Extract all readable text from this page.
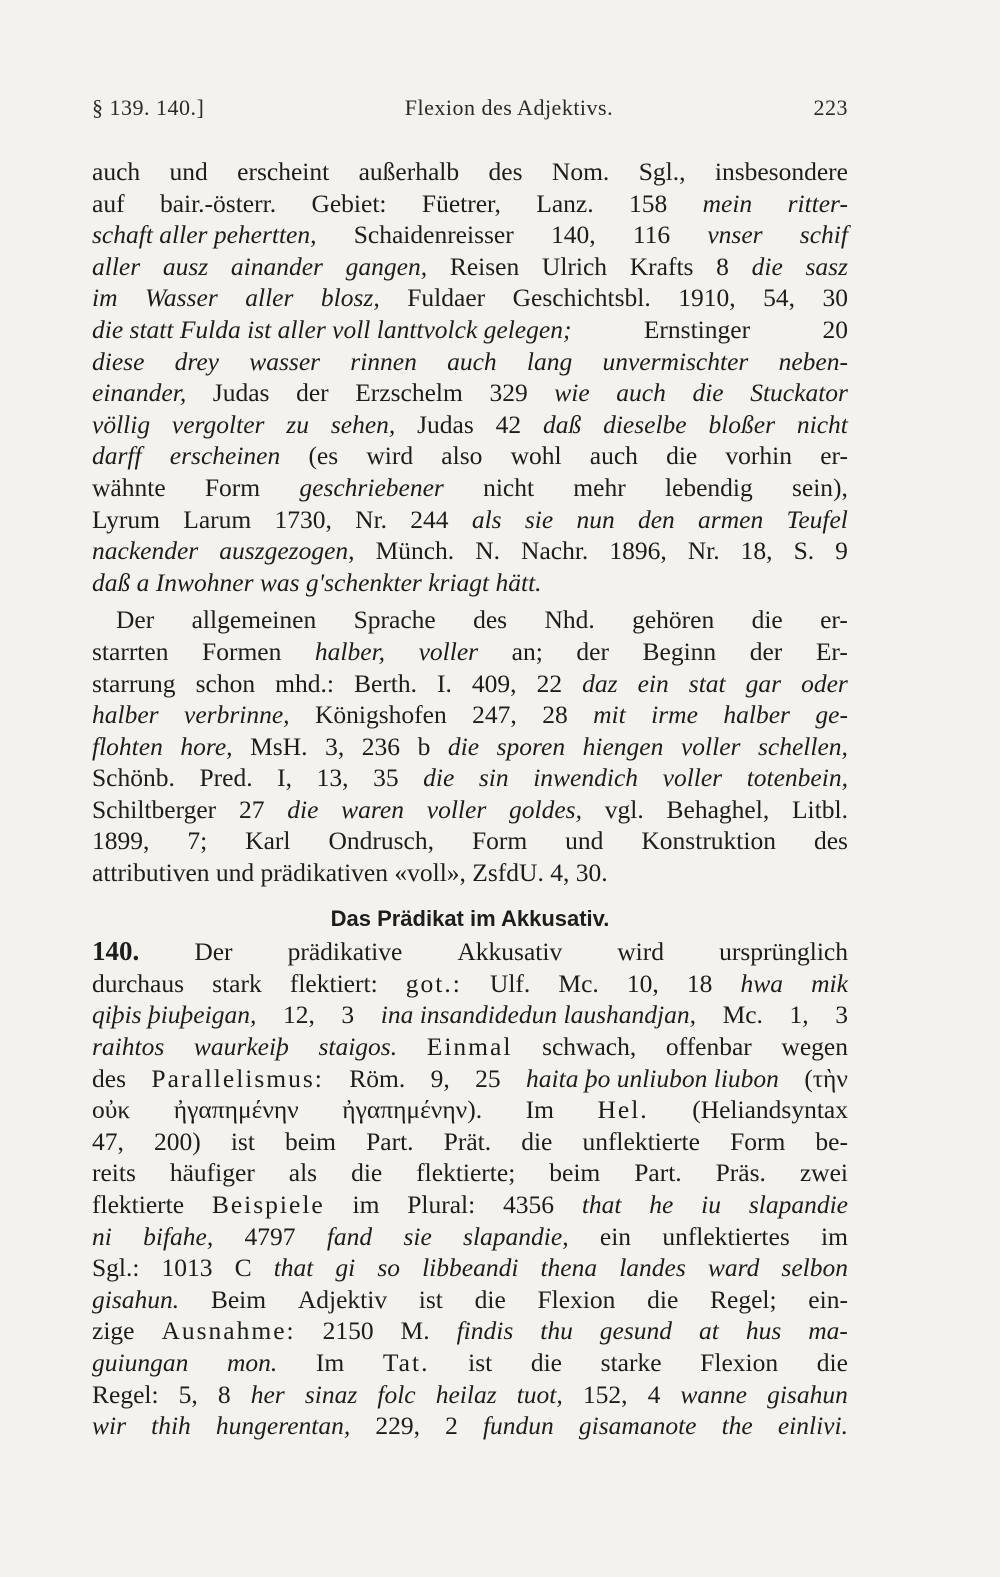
§ 139. 140.]	Flexion des Adjektivs.	223
auch und erscheint außerhalb des Nom. Sgl., insbesondere
auf bair.-österr. Gebiet: Füetrer, Lanz. 158 mein ritter-
schaft aller pehertten, Schaidenreisser 140, 116 vnser schif
aller ausz ainander gangen, Reisen Ulrich Krafts 8 die sasz
im Wasser aller blosz, Fuldaer Geschichtsbl. 1910, 54, 30
die statt Fulda ist aller voll lanttvolck gelegen;	Ernstinger	20
diese drey wasser rinnen auch lang unvermischter neben-
einander, Judas der Erzschelm 329 wie auch die Stuckator
völlig vergolter zu sehen, Judas 42 daß dieselbe bloßer nicht
darff erscheinen (es wird also wohl auch die vorhin er-
wähnte Form geschriebener nicht mehr lebendig sein),
Lyrum Larum 1730, Nr. 244 als sie nun den armen Teufel
nackender auszgezogen, Münch. N. Nachr. 1896, Nr. 18, S. 9
daß a Inwohner was g'schenkter kriagt hätt.
Der allgemeinen Sprache des Nhd. gehören die er-
starrten Formen halber, voller an; der Beginn der Er-
starrung schon mhd.: Berth. I. 409, 22 daz ein stat gar oder
halber verbrinne, Königshofen 247, 28 mit irme halber ge-
flohten hore, MsH. 3, 236 b die sporen hiengen voller schellen,
Schönb. Pred. I, 13, 35 die sin inwendich voller totenbein,
Schiltberger 27 die waren voller goldes, vgl. Behaghel, Litbl.
1899, 7; Karl Ondrusch, Form und Konstruktion des
attributiven und prädikativen «voll», ZsfdU. 4, 30.
Das Prädikat im Akkusativ.
140. Der prädikative Akkusativ wird ursprünglich
durchaus stark flektiert: got.: Ulf. Mc. 10, 18 hwa mik
qiþis þiuþeigan, 12, 3 ina insandidedun laushandjan, Mc. 1, 3
raihtos waurkeiþ staigos. Einmal schwach, offenbar wegen
des Parallelismus: Röm. 9, 25 haita þo unliubon liubon (τὴν
οὐκ ἠγαπημένην ἠγαπημένην). Im Hel. (Heliandsyntax
47, 200) ist beim Part. Prät. die unflektierte Form be-
reits häufiger als die flektierte; beim Part. Präs. zwei
flektierte Beispiele im Plural: 4356 that he iu slapandie
ni bifahe, 4797 fand sie slapandie, ein unflektiertes im
Sgl.: 1013 C that gi so libbeandi thena landes ward selbon
gisahun. Beim Adjektiv ist die Flexion die Regel; ein-
zige Ausnahme: 2150 M. findis thu gesund at hus ma-
guiungan mon. Im Tat. ist die starke Flexion die
Regel: 5, 8 her sinaz folc heilaz tuot, 152, 4 wanne gisahun
wir thih hungerentan, 229, 2 fundun gisamanote the einlivi.
